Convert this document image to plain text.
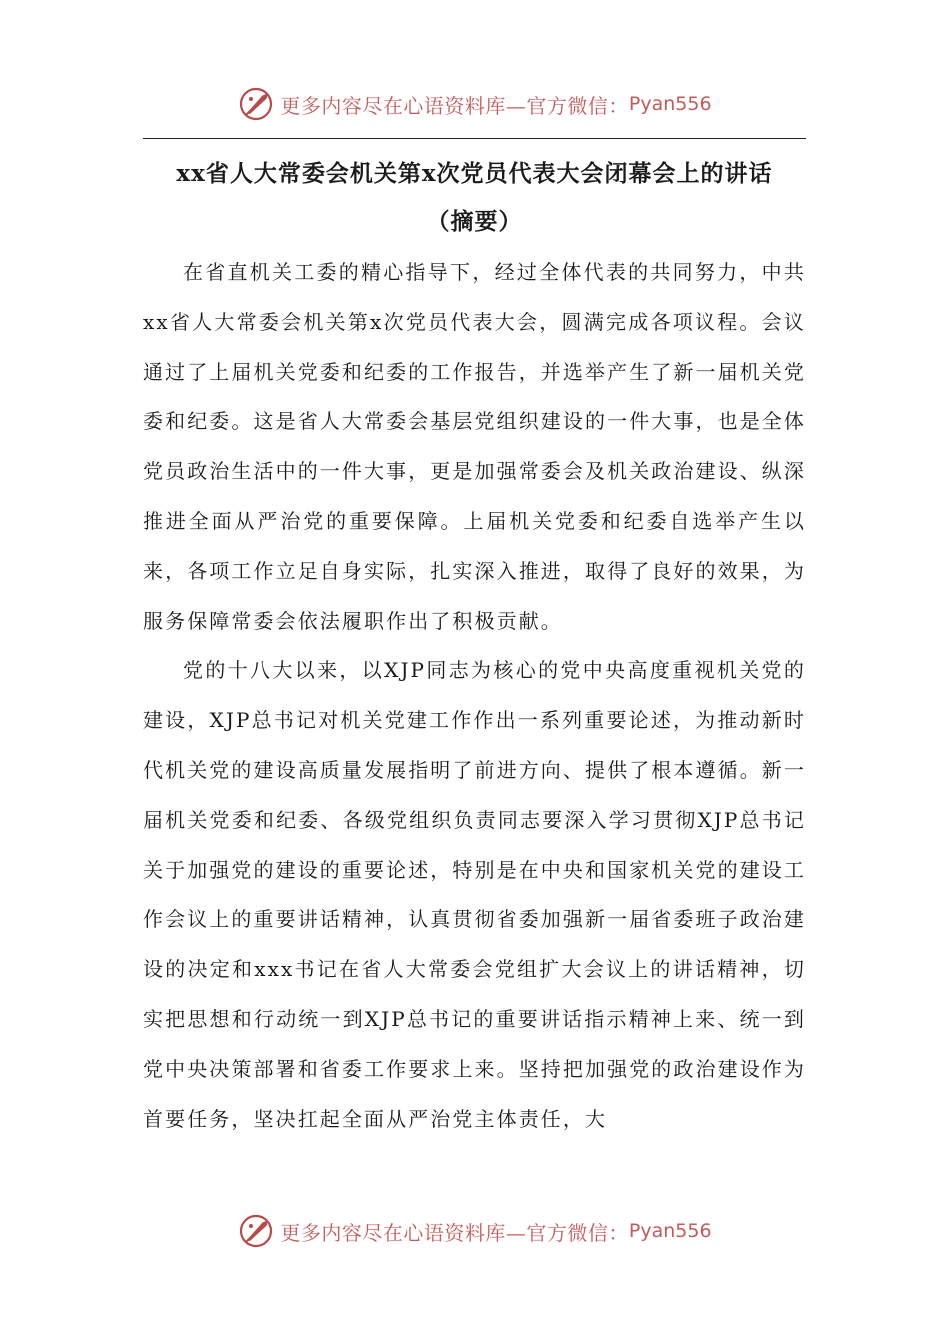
更多内容尽在心语资料库—官方微信： Pyan556
xx省人大常委会机关第x次党员代表大会闭幕会上的讲话
（摘要）

在省直机关工委的精心指导下，经过全体代表的共同努力，中共xx省人大常委会机关第x次党员代表大会，圆满完成各项议程。会议通过了上届机关党委和纪委的工作报告，并选举产生了新一届机关党委和纪委。这是省人大常委会基层党组织建设的一件大事，也是全体党员政治生活中的一件大事，更是加强常委会及机关政治建设、纵深推进全面从严治党的重要保障。上届机关党委和纪委自选举产生以来，各项工作立足自身实际，扎实深入推进，取得了良好的效果，为服务保障常委会依法履职作出了积极贡献。

党的十八大以来，以XJP同志为核心的党中央高度重视机关党的建设，XJP总书记对机关党建工作作出一系列重要论述，为推动新时代机关党的建设高质量发展指明了前进方向、提供了根本遵循。新一届机关党委和纪委、各级党组织负责同志要深入学习贯彻XJP总书记关于加强党的建设的重要论述，特别是在中央和国家机关党的建设工作会议上的重要讲话精神，认真贯彻省委加强新一届省委班子政治建设的决定和xxx书记在省人大常委会党组扩大会议上的讲话精神，切实把思想和行动统一到XJP总书记的重要讲话指示精神上来、统一到党中央决策部署和省委工作要求上来。坚持把加强党的政治建设作为首要任务，坚决扛起全面从严治党主体责任，大

更多内容尽在心语资料库—官方微信： Pyan556
